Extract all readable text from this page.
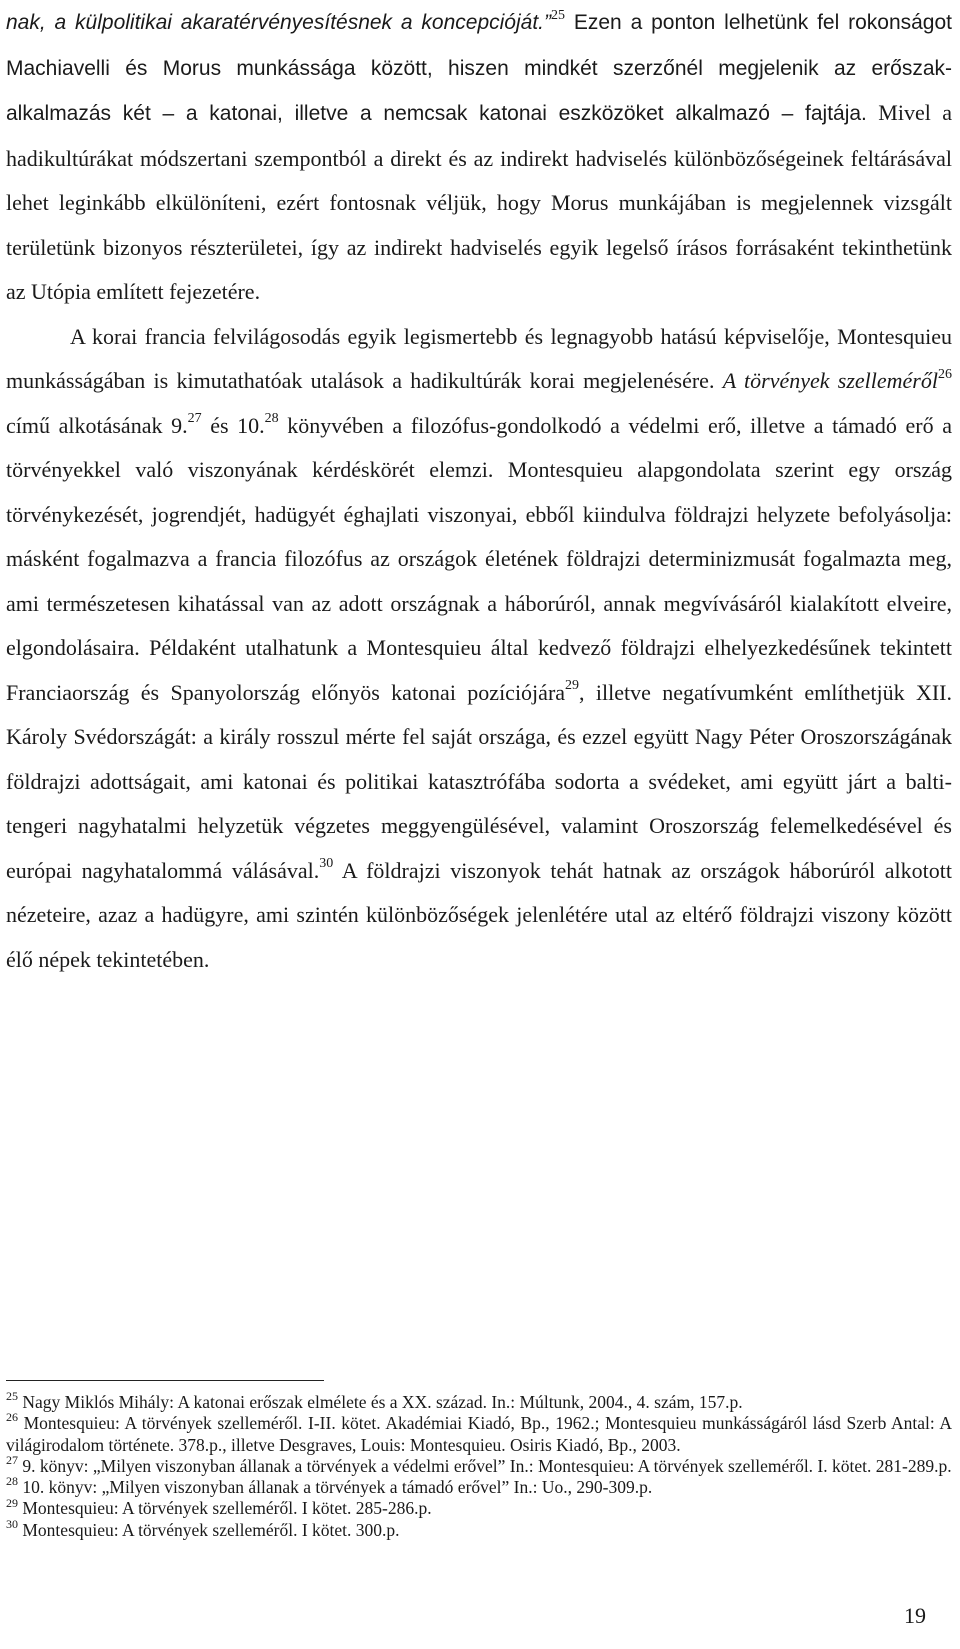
nak, a külpolitikai akaratérvényesítésnek a koncepcióját.”$^{25}$ Ezen a ponton lelhetünk fel rokonságot Machiavelli és Morus munkássága között, hiszen mindkét szerzőnél megjelenik az erőszak-alkalmazás két – a katonai, illetve a nemcsak katonai eszközöket alkalmazó – fajtája. Mivel a hadikultúrákat módszertani szempontból a direkt és az indirekt hadviselés különbözőségeinek feltárásával lehet leginkább elkülöníteni, ezért fontosnak véljük, hogy Morus munkájában is megjelennek vizsgált területünk bizonyos részterületei, így az indirekt hadviselés egyik legelső írásos forrásaként tekinthetünk az Utópia említett fejezetére.

A korai francia felvilágosodás egyik legismertebb és legnagyobb hatású képviselője, Montesquieu munkásságában is kimutathatóak utalások a hadikultúrák korai megjelenésére. A törvények szelleméről$^{26}$ című alkotásának 9.27 és 10.28 könyvében a filozófus-gondolkodó a védelmi erő, illetve a támadó erő a törvényekkel való viszonyának kérdéskörét elemzi. Montesquieu alapgondolata szerint egy ország törvénykezését, jogrendjét, hadügyét éghajlati viszonyai, ebből kiindulva földrajzi helyzete befolyásolja: másként fogalmazva a francia filozófus az országok életének földrajzi determinizmusát fogalmazta meg, ami természetesen kihatással van az adott országnak a háborúról, annak megvívásáról kialakított elveire, elgondolásaira. Példaként utalhatunk a Montesquieu által kedvező földrajzi elhelyezkedésűnek tekintett Franciaország és Spanyolország előnyös katonai pozíciójára$^{29}$, illetve negatívumként említhetjük XII. Károly Svédországát: a király rosszul mérte fel saját országa, és ezzel együtt Nagy Péter Oroszországának földrajzi adottságait, ami katonai és politikai katasztrófába sodorta a svédeket, ami együtt járt a balti-tengeri nagyhatalmi helyzetük végzetes meggyengülésével, valamint Oroszország felemelkedésével és európai nagyhatalommá válásával.$^{30}$ A földrajzi viszonyok tehát hatnak az országok háborúról alkotott nézeteire, azaz a hadügyre, ami szintén különbözőségek jelenlétére utal az eltérő földrajzi viszony között élő népek tekintetében.

$^{25}$ Nagy Miklós Mihály: A katonai erőszak elmélete és a XX. század. In.: Múltunk, 2004., 4. szám, 157.p.

$^{26}$ Montesquieu: A törvények szelleméről. I-II. kötet. Akadémiai Kiadó, Bp., 1962.; Montesquieu munkásságáról lásd Szerb Antal: A világirodalom története. 378.p., illetve Desgraves, Louis: Montesquieu. Osiris Kiadó, Bp., 2003.

$^{27}$ 9. könyv: „Milyen viszonyban állanak a törvények a védelmi erővel” In.: Montesquieu: A törvények szelleméről. I. kötet. 281-289.p.

$^{28}$ 10. könyv: „Milyen viszonyban állanak a törvények a támadó erővel” In.: Uo., 290-309.p.

$^{29}$ Montesquieu: A törvények szelleméről. I kötet. 285-286.p.

$^{30}$ Montesquieu: A törvények szelleméről. I kötet. 300.p.

19
